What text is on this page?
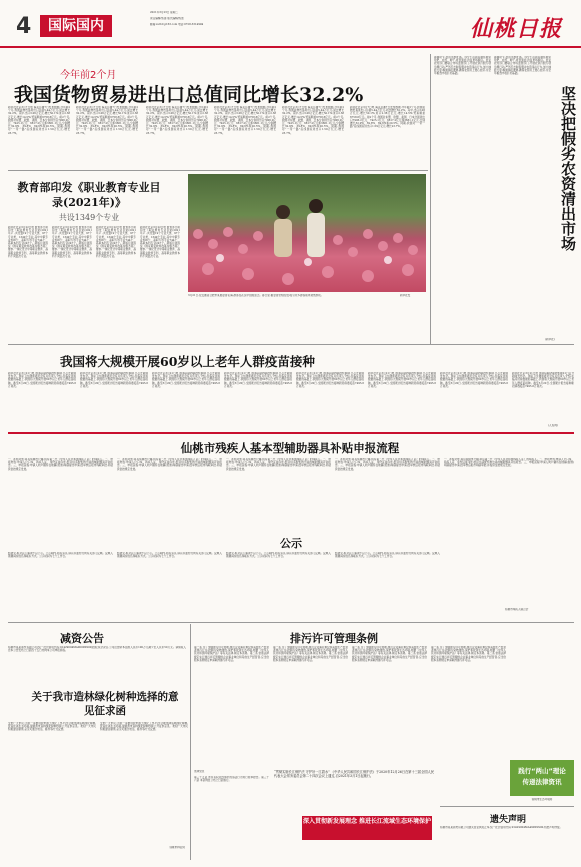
4	国际国内
2021年3月23日 星期二
责任编辑/熊锋 版式编辑/熊雷
邮箱:xsrb1@163.com 电话:0728-3314994	仙桃日报
今年前2个月
我国货物贸易进出口总值同比增长32.2%
新华社北京3月7日电 海关总署7日发布数据,今年前2个月,我国货物贸易进出口总值5.44万亿元,同比增长32.2%。其中,出口3.06万亿元,增长50.1%;进口2.38万亿元,增长14.5%;贸易顺差6758.6亿元。前2个月,我国对东盟、欧盟、美国、日本分别进出口7906.2亿元、7425.1亿元、6817.2亿元和3661.1亿元,分别增长32.9%、39.8%、69.6%和20.5%。同期,我国对“一带一路”沿线国家进出口1.59万亿元,增长23.7%。
新华社北京3月7日电 海关总署7日发布数据,今年前2个月,我国货物贸易进出口总值5.44万亿元,同比增长32.2%。其中,出口3.06万亿元,增长50.1%;进口2.38万亿元,增长14.5%;贸易顺差6758.6亿元。前2个月,我国对东盟、欧盟、美国、日本分别进出口7906.2亿元、7425.1亿元、6817.2亿元和3661.1亿元,分别增长32.9%、39.8%、69.6%和20.5%。同期,我国对“一带一路”沿线国家进出口1.59万亿元,增长23.7%。
新华社北京3月7日电 海关总署7日发布数据,今年前2个月,我国货物贸易进出口总值5.44万亿元,同比增长32.2%。其中,出口3.06万亿元,增长50.1%;进口2.38万亿元,增长14.5%;贸易顺差6758.6亿元。前2个月,我国对东盟、欧盟、美国、日本分别进出口7906.2亿元、7425.1亿元、6817.2亿元和3661.1亿元,分别增长32.9%、39.8%、69.6%和20.5%。同期,我国对“一带一路”沿线国家进出口1.59万亿元,增长23.7%。
新华社北京3月7日电 海关总署7日发布数据,今年前2个月,我国货物贸易进出口总值5.44万亿元,同比增长32.2%。其中,出口3.06万亿元,增长50.1%;进口2.38万亿元,增长14.5%;贸易顺差6758.6亿元。前2个月,我国对东盟、欧盟、美国、日本分别进出口7906.2亿元、7425.1亿元、6817.2亿元和3661.1亿元,分别增长32.9%、39.8%、69.6%和20.5%。同期,我国对“一带一路”沿线国家进出口1.59万亿元,增长23.7%。
新华社北京3月7日电 海关总署7日发布数据,今年前2个月,我国货物贸易进出口总值5.44万亿元,同比增长32.2%。其中,出口3.06万亿元,增长50.1%;进口2.38万亿元,增长14.5%;贸易顺差6758.6亿元。前2个月,我国对东盟、欧盟、美国、日本分别进出口7906.2亿元、7425.1亿元、6817.2亿元和3661.1亿元,分别增长32.9%、39.8%、69.6%和20.5%。同期,我国对“一带一路”沿线国家进出口1.59万亿元,增长23.7%。
新华社北京3月7日电 海关总署7日发布数据,今年前2个月,我国货物贸易进出口总值5.44万亿元,同比增长32.2%。其中,出口3.06万亿元,增长50.1%;进口2.38万亿元,增长14.5%;贸易顺差6758.6亿元。前2个月,我国对东盟、欧盟、美国、日本分别进出口7906.2亿元、7425.1亿元、6817.2亿元和3661.1亿元,分别增长32.9%、39.8%、69.6%和20.5%。同期,我国对“一带一路”沿线国家进出口1.59万亿元,增长23.7%。
教育部印发《职业教育专业目录(2021年)》
共设1349个专业
新华社北京3月22日电 教育部日前印发《职业教育专业目录(2021年)》,共设置19个专业大类、97个专业类、1349个专业,其中中职专业358个、高职专科专业744个、高职本科专业247个。新版目录落实《国家职业教育改革实施方案》要求,一体化设计中等职业教育、高等职业教育专科、高等职业教育本科不同层次专业。
新华社北京3月22日电 教育部日前印发《职业教育专业目录(2021年)》,共设置19个专业大类、97个专业类、1349个专业,其中中职专业358个、高职专科专业744个、高职本科专业247个。新版目录落实《国家职业教育改革实施方案》要求,一体化设计中等职业教育、高等职业教育专科、高等职业教育本科不同层次专业。
新华社北京3月22日电 教育部日前印发《职业教育专业目录(2021年)》,共设置19个专业大类、97个专业类、1349个专业,其中中职专业358个、高职专科专业744个、高职本科专业247个。新版目录落实《国家职业教育改革实施方案》要求,一体化设计中等职业教育、高等职业教育专科、高等职业教育本科不同层次专业。
新华社北京3月22日电 教育部日前印发《职业教育专业目录(2021年)》,共设置19个专业大类、97个专业类、1349个专业,其中中职专业358个、高职专科专业744个、高职本科专业247个。新版目录落实《国家职业教育改革实施方案》要求,一体化设计中等职业教育、高等职业教育专科、高等职业教育本科不同层次专业。
3月21日,在安徽省合肥市某郁金香花海,游客在花丛中拍照留念。春日里,郁金香竞相绽放,吸引众多游客前来观赏游玩。	新华社发
春耕时节,农资需求旺盛。部分不法商家制售假劣化肥、农药、种子,坑农害农,扰乱市场秩序。农业农村部门要联合市场监管部门,开展农资打假专项治理行动,严厉打击制售假劣农资违法行为,加大抽检力度,畅通举报渠道,确保农民用上放心农资,为全年粮食丰收打好基础。
春耕时节,农资需求旺盛。部分不法商家制售假劣化肥、农药、种子,坑农害农,扰乱市场秩序。农业农村部门要联合市场监管部门,开展农资打假专项治理行动,严厉打击制售假劣农资违法行为,加大抽检力度,畅通举报渠道,确保农民用上放心农资,为全年粮食丰收打好基础。
坚决把假劣农资清出市场
(新华社)
我国将大规模开展60岁以上老年人群疫苗接种
新华社北京3月21日电 国务院联防联控机制21日召开新闻发布会。国家卫生健康委员会有关负责人介绍,在临床试验数据的基础上,我国将大规模开展60岁以上老年人群疫苗接种。截至3月20日,全国累计报告接种新冠病毒疫苗7495.6万剂次。
新华社北京3月21日电 国务院联防联控机制21日召开新闻发布会。国家卫生健康委员会有关负责人介绍,在临床试验数据的基础上,我国将大规模开展60岁以上老年人群疫苗接种。截至3月20日,全国累计报告接种新冠病毒疫苗7495.6万剂次。
新华社北京3月21日电 国务院联防联控机制21日召开新闻发布会。国家卫生健康委员会有关负责人介绍,在临床试验数据的基础上,我国将大规模开展60岁以上老年人群疫苗接种。截至3月20日,全国累计报告接种新冠病毒疫苗7495.6万剂次。
新华社北京3月21日电 国务院联防联控机制21日召开新闻发布会。国家卫生健康委员会有关负责人介绍,在临床试验数据的基础上,我国将大规模开展60岁以上老年人群疫苗接种。截至3月20日,全国累计报告接种新冠病毒疫苗7495.6万剂次。
新华社北京3月21日电 国务院联防联控机制21日召开新闻发布会。国家卫生健康委员会有关负责人介绍,在临床试验数据的基础上,我国将大规模开展60岁以上老年人群疫苗接种。截至3月20日,全国累计报告接种新冠病毒疫苗7495.6万剂次。
新华社北京3月21日电 国务院联防联控机制21日召开新闻发布会。国家卫生健康委员会有关负责人介绍,在临床试验数据的基础上,我国将大规模开展60岁以上老年人群疫苗接种。截至3月20日,全国累计报告接种新冠病毒疫苗7495.6万剂次。
新华社北京3月21日电 国务院联防联控机制21日召开新闻发布会。国家卫生健康委员会有关负责人介绍,在临床试验数据的基础上,我国将大规模开展60岁以上老年人群疫苗接种。截至3月20日,全国累计报告接种新冠病毒疫苗7495.6万剂次。
新华社北京3月21日电 国务院联防联控机制21日召开新闻发布会。国家卫生健康委员会有关负责人介绍,在临床试验数据的基础上,我国将大规模开展60岁以上老年人群疫苗接种。截至3月20日,全国累计报告接种新冠病毒疫苗7495.6万剂次。
(人民网)
仙桃市残疾人基本型辅助器具补贴申报流程
一、补贴对象:具有仙桃市户籍,持有第二代《中华人民共和国残疾人证》的残疾人。二、申报材料:申请人户口本、残疾人证、身份证复印件;经评估适配机构出具的辅助器具评估报告。三、申报流程:申请人向户籍所在地镇(街道)残联提出申请,经审核后报市残联审批,补贴资金按规定发放。
一、补贴对象:具有仙桃市户籍,持有第二代《中华人民共和国残疾人证》的残疾人。二、申报材料:申请人户口本、残疾人证、身份证复印件;经评估适配机构出具的辅助器具评估报告。三、申报流程:申请人向户籍所在地镇(街道)残联提出申请,经审核后报市残联审批,补贴资金按规定发放。
一、补贴对象:具有仙桃市户籍,持有第二代《中华人民共和国残疾人证》的残疾人。二、申报材料:申请人户口本、残疾人证、身份证复印件;经评估适配机构出具的辅助器具评估报告。三、申报流程:申请人向户籍所在地镇(街道)残联提出申请,经审核后报市残联审批,补贴资金按规定发放。
一、补贴对象:具有仙桃市户籍,持有第二代《中华人民共和国残疾人证》的残疾人。二、申报材料:申请人户口本、残疾人证、身份证复印件;经评估适配机构出具的辅助器具评估报告。三、申报流程:申请人向户籍所在地镇(街道)残联提出申请,经审核后报市残联审批,补贴资金按规定发放。
一、补贴对象:具有仙桃市户籍,持有第二代《中华人民共和国残疾人证》的残疾人。二、申报材料:申请人户口本、残疾人证、身份证复印件;经评估适配机构出具的辅助器具评估报告。三、申报流程:申请人向户籍所在地镇(街道)残联提出申请,经审核后报市残联审批,补贴资金按规定发放。
仙桃市残疾人联合会
公示
经研究,拟对以下事项予以公示。公示期内,如有异议,请以书面形式向有关部门反映。反映人须署真实姓名和联系方式。公示时间为七个工作日。
经研究,拟对以下事项予以公示。公示期内,如有异议,请以书面形式向有关部门反映。反映人须署真实姓名和联系方式。公示时间为七个工作日。
经研究,拟对以下事项予以公示。公示期内,如有异议,请以书面形式向有关部门反映。反映人须署真实姓名和联系方式。公示时间为七个工作日。
经研究,拟对以下事项予以公示。公示期内,如有异议,请以书面形式向有关部门反映。反映人须署真实姓名和联系方式。公示时间为七个工作日。
减资公告
仙桃市某某商贸有限公司(统一社会信用代码:91429004MA0000XX00)经股东会决议,公司注册资本由原人民币100万元减少至人民币50万元。请债权人自本公告发布之日起四十五日内向本公司申报债权。
关于我市造林绿化树种选择的意见征求函
全市广大市民:为进一步推进我市国土绿化工作,科学合理选择造林绿化树种,营造优美生态环境,现就我市造林绿化树种选择公开征求意见。欢迎广大市民积极建言献策,意见可通过电话、邮件等方式反馈。
全市广大市民:为进一步推进我市国土绿化工作,科学合理选择造林绿化树种,营造优美生态环境,现就我市造林绿化树种选择公开征求意见。欢迎广大市民积极建言献策,意见可通过电话、邮件等方式反馈。
仙桃市林业局
排污许可管理条例
第一条 为了加强排污许可管理,规范企业事业单位和其他生产经营者排污行为,控制污染物排放,保护和改善生态环境,根据《中华人民共和国环境保护法》等有关法律,制定本条例。第二条 依照法律规定实行排污许可管理的企业事业单位和其他生产经营者,应当依照本条例规定申请取得排污许可证。
第一条 为了加强排污许可管理,规范企业事业单位和其他生产经营者排污行为,控制污染物排放,保护和改善生态环境,根据《中华人民共和国环境保护法》等有关法律,制定本条例。第二条 依照法律规定实行排污许可管理的企业事业单位和其他生产经营者,应当依照本条例规定申请取得排污许可证。
第一条 为了加强排污许可管理,规范企业事业单位和其他生产经营者排污行为,控制污染物排放,保护和改善生态环境,根据《中华人民共和国环境保护法》等有关法律,制定本条例。第二条 依照法律规定实行排污许可管理的企业事业单位和其他生产经营者,应当依照本条例规定申请取得排污许可证。
第一条 为了加强排污许可管理,规范企业事业单位和其他生产经营者排污行为,控制污染物排放,保护和改善生态环境,根据《中华人民共和国环境保护法》等有关法律,制定本条例。第二条 依照法律规定实行排污许可管理的企业事业单位和其他生产经营者,应当依照本条例规定申请取得排污许可证。
选择党员
第三十五条 选民有权对选举中的违法行为进行检举控告。第三十六条 本条例自公布之日起施行。
“贯彻实施长江保护法 守护好一江碧水” 《中华人民共和国长江保护法》于2020年12月26日在第十三届全国人民代表大会常务委员会第二十四次会议上通过,自2021年3月1日起施行。
深入贯彻新发展理念 推进长江流域生态环境保护
践行“两山”理论
传递法律资讯
仙桃市生态环境局
遗失声明
仙桃市某某商贸有限公司遗失营业执照正本,统一社会信用代码:91429004MA490XXX00,特此声明作废。
